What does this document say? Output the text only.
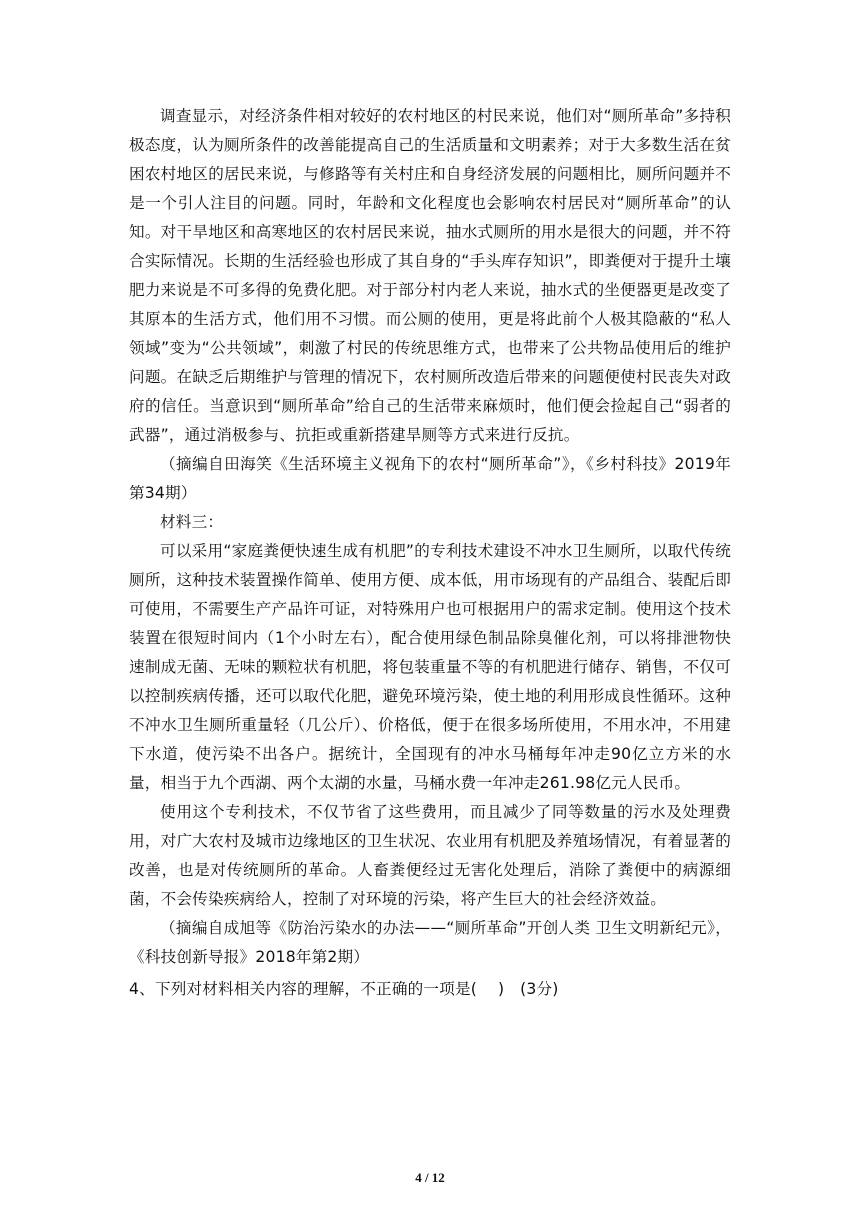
调查显示，对经济条件相对较好的农村地区的村民来说，他们对“厕所革命”多持积极态度，认为厕所条件的改善能提高自己的生活质量和文明素养；对于大多数生活在贫困农村地区的居民来说，与修路等有关村庄和自身经济发展的问题相比，厕所问题并不是一个引人注目的问题。同时，年龄和文化程度也会影响农村居民对“厕所革命”的认知。对干旱地区和高寒地区的农村居民来说，抽水式厕所的用水是很大的问题，并不符合实际情况。长期的生活经验也形成了其自身的“手头库存知识”，即粪便对于提升土壤肥力来说是不可多得的免费化肥。对于部分村内老人来说，抽水式的坐便器更是改变了其原本的生活方式，他们用不习惯。而公厕的使用，更是将此前个人极其隐蔽的“私人领域”变为“公共领域”，刺激了村民的传统思维方式，也带来了公共物品使用后的维护问题。在缺乏后期维护与管理的情况下，农村厕所改造后带来的问题便使村民丧失对政府的信任。当意识到“厕所革命”给自己的生活带来麻烦时，他们便会捡起自己“弱者的武器”，通过消极参与、抗拒或重新搭建旱厕等方式来进行反抗。

（摘编自田海笑《生活环境主义视角下的农村“厕所革命”》，《乡村科技》2019年第34期）

材料三：

可以采用“家庭粪便快速生成有机肥”的专利技术建设不冲水卫生厕所，以取代传统厕所，这种技术装置操作简单、使用方便、成本低，用市场现有的产品组合、装配后即可使用，不需要生产产品许可证，对特殊用户也可根据用户的需求定制。使用这个技术装置在很短时间内（1个小时左右），配合使用绿色制品除臭催化剂，可以将排泄物快速制成无菌、无味的颗粒状有机肥，将包装重量不等的有机肥进行储存、销售，不仅可以控制疾病传播，还可以取代化肥，避免环境污染，使土地的利用形成良性循环。这种不冲水卫生厕所重量轻（几公斤）、价格低，便于在很多场所使用，不用水冲，不用建下水道，使污染不出各户。据统计，全国现有的冲水马桶每年冲走90亿立方米的水量，相当于九个西湖、两个太湖的水量，马桶水费一年冲走261.98亿元人民币。

使用这个专利技术，不仅节省了这些费用，而且减少了同等数量的污水及处理费用，对广大农村及城市边缘地区的卫生状况、农业用有机肥及养殖场情况，有着显著的改善，也是对传统厕所的革命。人畜粪便经过无害化处理后，消除了粪便中的病源细菌，不会传染疾病给人，控制了对环境的污染，将产生巨大的社会经济效益。

（摘编自成旭等《防治污染水的办法——“厕所革命”开创人类 卫生文明新纪元》，《科技创新导报》2018年第2期）

4、下列对材料相关内容的理解，不正确的一项是(　 )　(3分)

4 / 12
